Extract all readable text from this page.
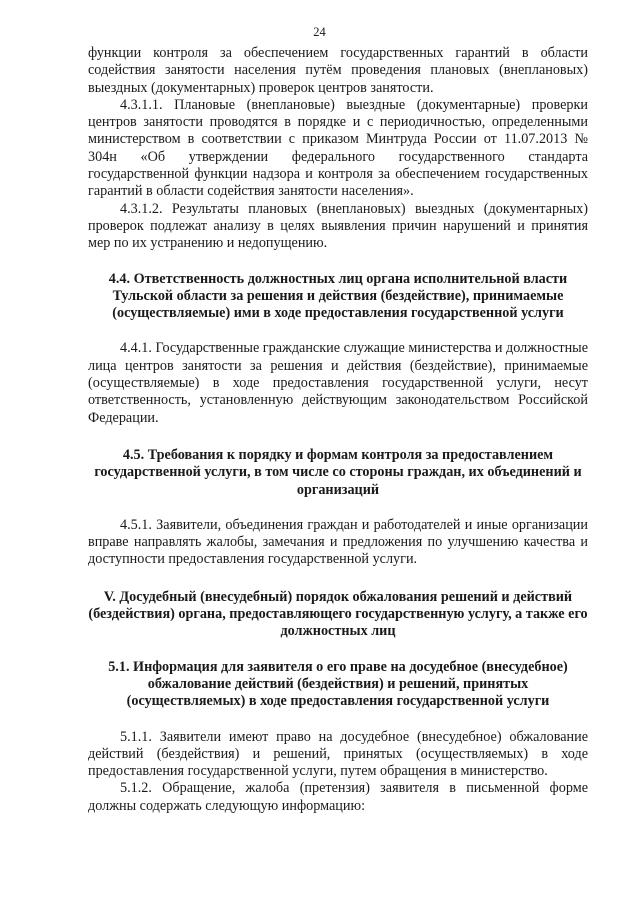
24

функции контроля за обеспечением государственных гарантий в области содействия занятости населения путём проведения плановых (внеплановых) выездных (документарных) проверок центров занятости.

4.3.1.1. Плановые (внеплановые) выездные (документарные) проверки центров занятости проводятся в порядке и с периодичностью, определенными министерством в соответствии с приказом Минтруда России от 11.07.2013 № 304н «Об утверждении федерального государственного стандарта государственной функции надзора и контроля за обеспечением государственных гарантий в области содействия занятости населения».

4.3.1.2. Результаты плановых (внеплановых) выездных (документарных) проверок подлежат анализу в целях выявления причин нарушений и принятия мер по их устранению и недопущению.

4.4. Ответственность должностных лиц органа исполнительной власти Тульской области за решения и действия (бездействие), принимаемые (осуществляемые) ими в ходе предоставления государственной услуги

4.4.1. Государственные гражданские служащие министерства и должностные лица центров занятости за решения и действия (бездействие), принимаемые (осуществляемые) в ходе предоставления государственной услуги, несут ответственность, установленную действующим законодательством Российской Федерации.

4.5. Требования к порядку и формам контроля за предоставлением государственной услуги, в том числе со стороны граждан, их объединений и организаций

4.5.1. Заявители, объединения граждан и работодателей и иные организации вправе направлять жалобы, замечания и предложения по улучшению качества и доступности предоставления государственной услуги.

V. Досудебный (внесудебный) порядок обжалования решений и действий (бездействия) органа, предоставляющего государственную услугу, а также его должностных лиц
5.1. Информация для заявителя о его праве на досудебное (внесудебное) обжалование действий (бездействия) и решений, принятых (осуществляемых) в ходе предоставления государственной услуги

5.1.1. Заявители имеют право на досудебное (внесудебное) обжалование действий (бездействия) и решений, принятых (осуществляемых) в ходе предоставления государственной услуги, путем обращения в министерство.

5.1.2. Обращение, жалоба (претензия) заявителя в письменной форме должны содержать следующую информацию:
